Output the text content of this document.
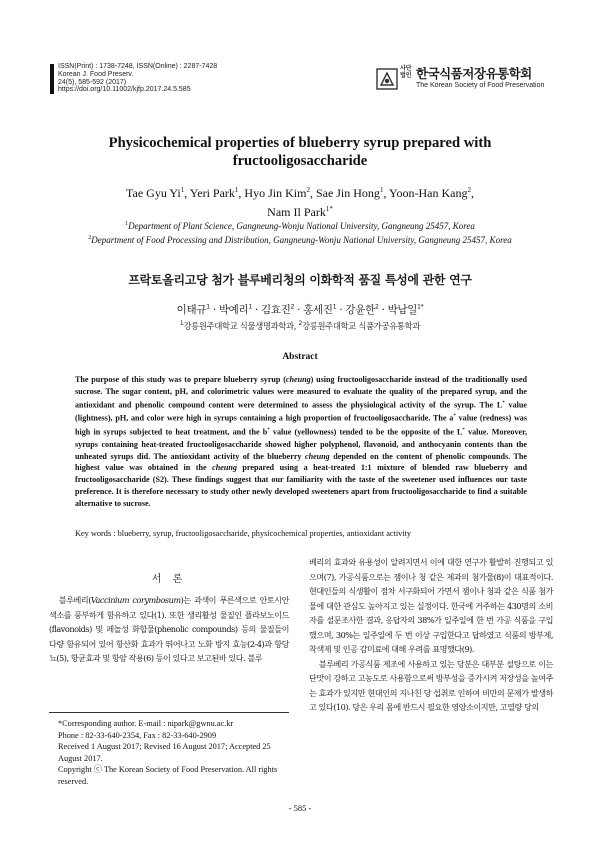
ISSN(Print) : 1738-7248, ISSN(Online) : 2287-7428
Korean J. Food Preserv.
24(5), 585-592 (2017)
https://doi.org/10.11002/kjfp.2017.24.5.585
사단법인 한국식품저장유통학회
The Korean Society of Food Preservation
Physicochemical properties of blueberry syrup prepared with
fructooligosaccharide
Tae Gyu Yi$^1$, Yeri Park$^1$, Hyo Jin Kim$^2$, Sae Jin Hong$^1$, Yoon-Han Kang$^2$,
Nam Il Park$^{1*}$
$^1$Department of Plant Science, Gangneung-Wonju National University, Gangneung 25457, Korea
$^2$Department of Food Processing and Distribution, Gangneung-Wonju National University, Gangneung 25457, Korea
프락토올리고당 첨가 블루베리청의 이화학적 품질 특성에 관한 연구
이태규$^1$ · 박예리$^1$ · 김효진$^2$ · 홍세진$^1$ · 강윤한$^2$ · 박남일$^{1*}$
$^1$강릉원주대학교 식물생명과학과, $^2$강릉원주대학교 식품가공유통학과
Abstract
The purpose of this study was to prepare blueberry syrup (cheung) using fructooligosaccharide instead of the traditionally used sucrose. The sugar content, pH, and colorimetric values were measured to evaluate the quality of the prepared syrup, and the antioxidant and phenolic compound content were determined to assess the physiological activity of the syrup. The L* value (lightness), pH, and color were high in syrups containing a high proportion of fructooligosaccharide. The a* value (redness) was high in syrups subjected to heat treatment, and the b* value (yellowness) tended to be the opposite of the L* value. Moreover, syrups containing heat-treated fructooligosaccharide showed higher polyphenol, flavonoid, and anthocyanin contents than the unheated syrups did. The antioxidant activity of the blueberry cheung depended on the content of phenolic compounds. The highest value was obtained in the cheung prepared using a heat-treated 1:1 mixture of blended raw blueberry and fructooligosaccharide (S2). These findings suggest that our familiarity with the taste of the sweetener used influences our taste preference. It is therefore necessary to study other newly developed sweeteners apart from fructooligosaccharide to find a suitable alternative to sucrose.
Key words : blueberry, syrup, fructooligosaccharide, physicochemical properties, antioxidant activity
서 론
블루베리(Vaccinium corymbosum)는 과색이 푸른색으로 안토시안 색소를 풍부하게 함유하고 있다(1). 또한 생리활성 물질인 플라보노이드(flavonoids) 및 페놀성 화합물(phenolic compounds) 등의 물질들이 다량 함유되어 있어 항산화 효과가 뛰어나고 노화 방지 효능(2-4)과 항당뇨(5), 항균효과 및 항암 작용(6) 등이 있다고 보고된바 있다. 블루
*Corresponding author. E-mail : nipark@gwnu.ac.kr
Phone : 82-33-640-2354, Fax : 82-33-640-2909
Received 1 August 2017; Revised 16 August 2017; Accepted 25 August 2017.
Copyright ⓒ The Korean Society of Food Preservation. All rights reserved.
베리의 효과와 유용성이 알려지면서 이에 대한 연구가 활발히 진행되고 있으며(7), 가공식품으로는 잼이나 청 같은 제과의 첨가물(8)이 대표적이다. 현대인들의 식생활이 점차 서구화되어 가면서 잼이나 청과 같은 식품 첨가물에 대한 관심도 높아지고 있는 실정이다. 한국에 거주하는 430명의 소비자를 설문조사한 결과, 응답자의 38%가 일주일에 한 번 가공 식품을 구입했으며, 30%는 일주일에 두 번 이상 구입한다고 답하였고 식품의 방부제, 착색제 및 인공 감미료에 대해 우려를 표명했다(9).
블루베리 가공식품 제조에 사용하고 있는 당분은 대부분 설탕으로 이는 단맛이 강하고 고농도로 사용함으로써 방부성을 증가시켜 저장성을 높여주는 효과가 있지만 현대인의 지나친 당 섭취로 인하여 비만의 문제가 발생하고 있다(10). 당은 우리 몸에 반드시 필요한 영양소이지만, 고열량 당의
- 585 -
